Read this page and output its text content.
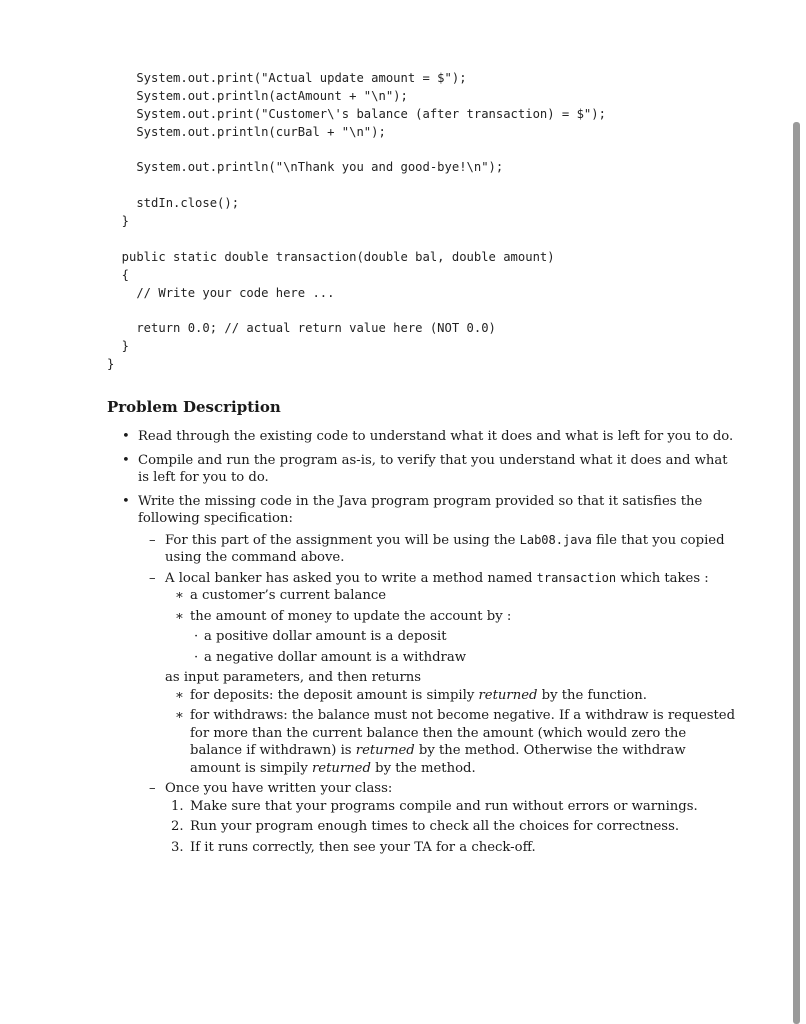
System.out.print("Actual update amount = $");
System.out.println(actAmount + "\n");
System.out.print("Customer\'s balance (after transaction) = $");
System.out.println(curBal + "\n");
System.out.println("\nThank you and good-bye!\n");
stdIn.close();
}
public static double transaction(double bal, double amount)
{
// Write your code here ...
return 0.0; // actual return value here (NOT 0.0)
}
}
Problem Description
• Read through the existing code to understand what it does and what is left for you to do.
• Compile and run the program as-is, to verify that you understand what it does and what is left for you to do.
• Write the missing code in the Java program program provided so that it satisfies the following specification:
– For this part of the assignment you will be using the Lab08.java file that you copied using the command above.
– A local banker has asked you to write a method named transaction which takes :
∗ a customer’s current balance
∗ the amount of money to update the account by :
· a positive dollar amount is a deposit
· a negative dollar amount is a withdraw

as input parameters, and then returns

∗ for deposits: the deposit amount is simpily returned by the function.
∗ for withdraws: the balance must not become negative. If a withdraw is requested for more than the current balance then the amount (which would zero the balance if withdrawn) is returned by the method. Otherwise the withdraw amount is simpily returned by the method.
– Once you have written your class:
1. Make sure that your programs compile and run without errors or warnings.
2. Run your program enough times to check all the choices for correctness.
3. If it runs correctly, then see your TA for a check-off.
